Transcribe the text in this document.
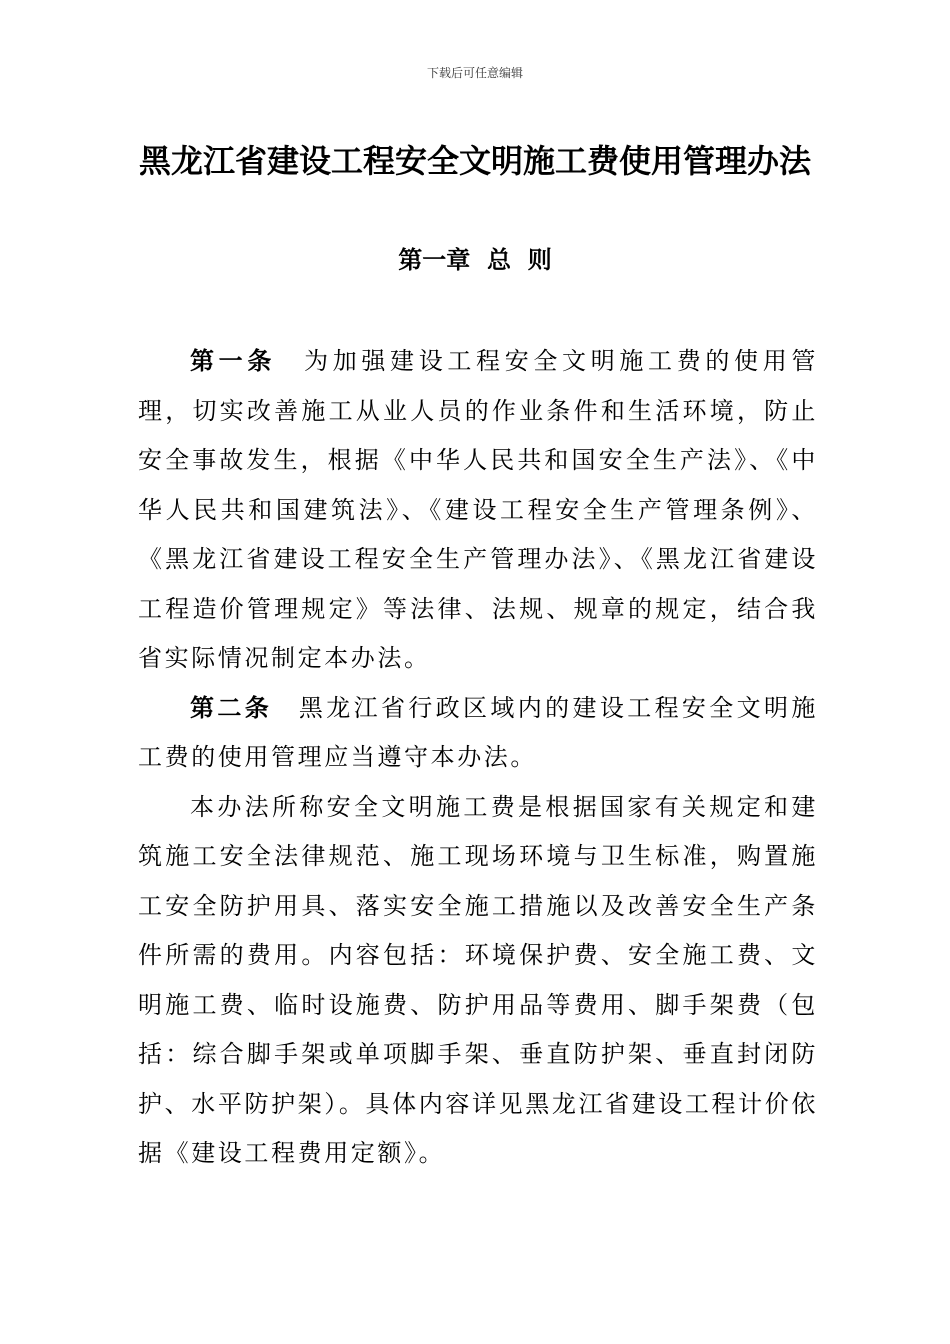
下载后可任意编辑
黑龙江省建设工程安全文明施工费使用管理办法
第一章  总  则

第一条 为加强建设工程安全文明施工费的使用管理，切实改善施工从业人员的作业条件和生活环境，防止安全事故发生，根据《中华人民共和国安全生产法》、《中华人民共和国建筑法》、《建设工程安全生产管理条例》、《黑龙江省建设工程安全生产管理办法》、《黑龙江省建设工程造价管理规定》等法律、法规、规章的规定，结合我省实际情况制定本办法。

第二条 黑龙江省行政区域内的建设工程安全文明施工费的使用管理应当遵守本办法。

本办法所称安全文明施工费是根据国家有关规定和建筑施工安全法律规范、施工现场环境与卫生标准，购置施工安全防护用具、落实安全施工措施以及改善安全生产条件所需的费用。内容包括：环境保护费、安全施工费、文明施工费、临时设施费、防护用品等费用、脚手架费（包括：综合脚手架或单项脚手架、垂直防护架、垂直封闭防护、水平防护架）。具体内容详见黑龙江省建设工程计价依据《建设工程费用定额》。
